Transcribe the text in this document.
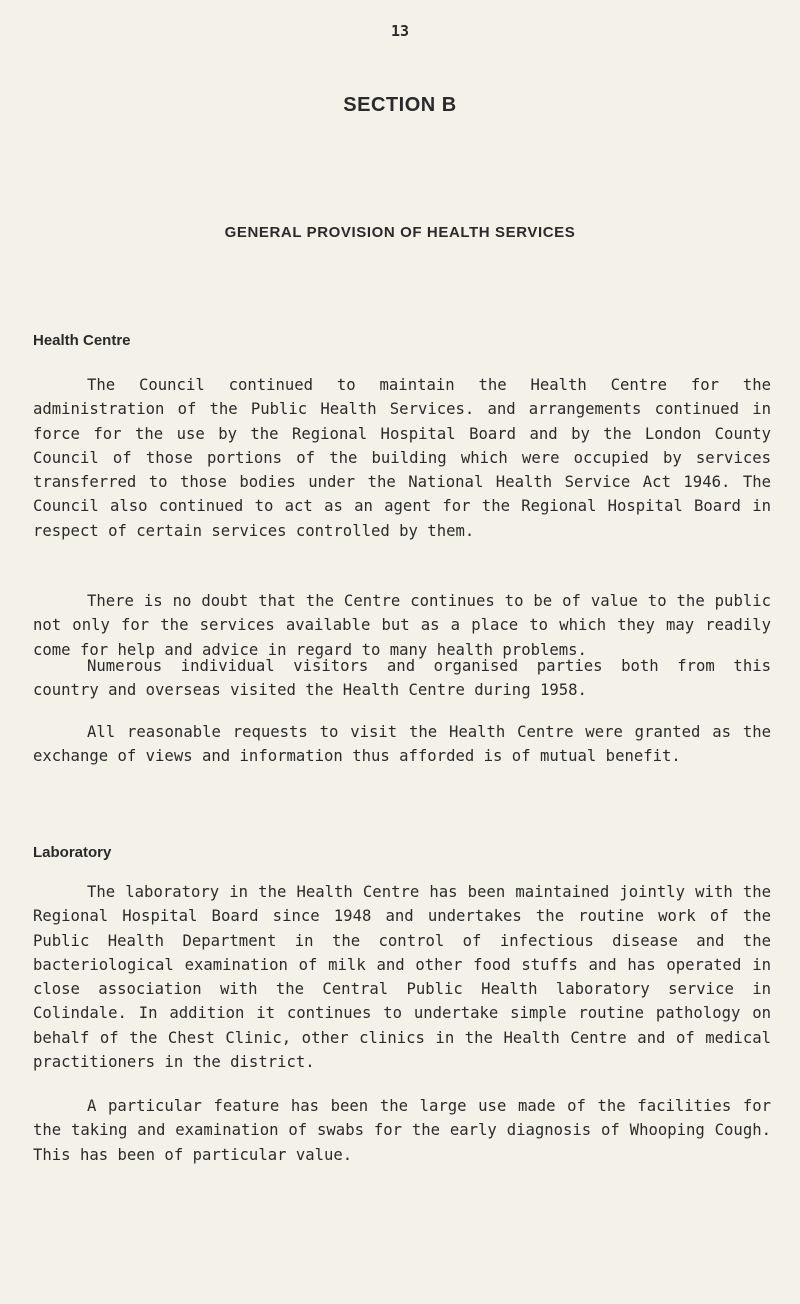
13
SECTION B
GENERAL PROVISION OF HEALTH SERVICES
Health Centre

The Council continued to maintain the Health Centre for the administration of the Public Health Services. and arrangements continued in force for the use by the Regional Hospital Board and by the London County Council of those portions of the building which were occupied by services transferred to those bodies under the National Health Service Act 1946. The Council also continued to act as an agent for the Regional Hospital Board in respect of certain services controlled by them.

There is no doubt that the Centre continues to be of value to the public not only for the services available but as a place to which they may readily come for help and advice in regard to many health problems.

Numerous individual visitors and organised parties both from this country and overseas visited the Health Centre during 1958.

All reasonable requests to visit the Health Centre were granted as the exchange of views and information thus afforded is of mutual benefit.

Laboratory

The laboratory in the Health Centre has been maintained jointly with the Regional Hospital Board since 1948 and undertakes the routine work of the Public Health Department in the control of infectious disease and the bacteriological examination of milk and other food stuffs and has operated in close association with the Central Public Health laboratory service in Colindale. In addition it continues to undertake simple routine pathology on behalf of the Chest Clinic, other clinics in the Health Centre and of medical practitioners in the district.

A particular feature has been the large use made of the facilities for the taking and examination of swabs for the early diagnosis of Whooping Cough. This has been of particular value.
